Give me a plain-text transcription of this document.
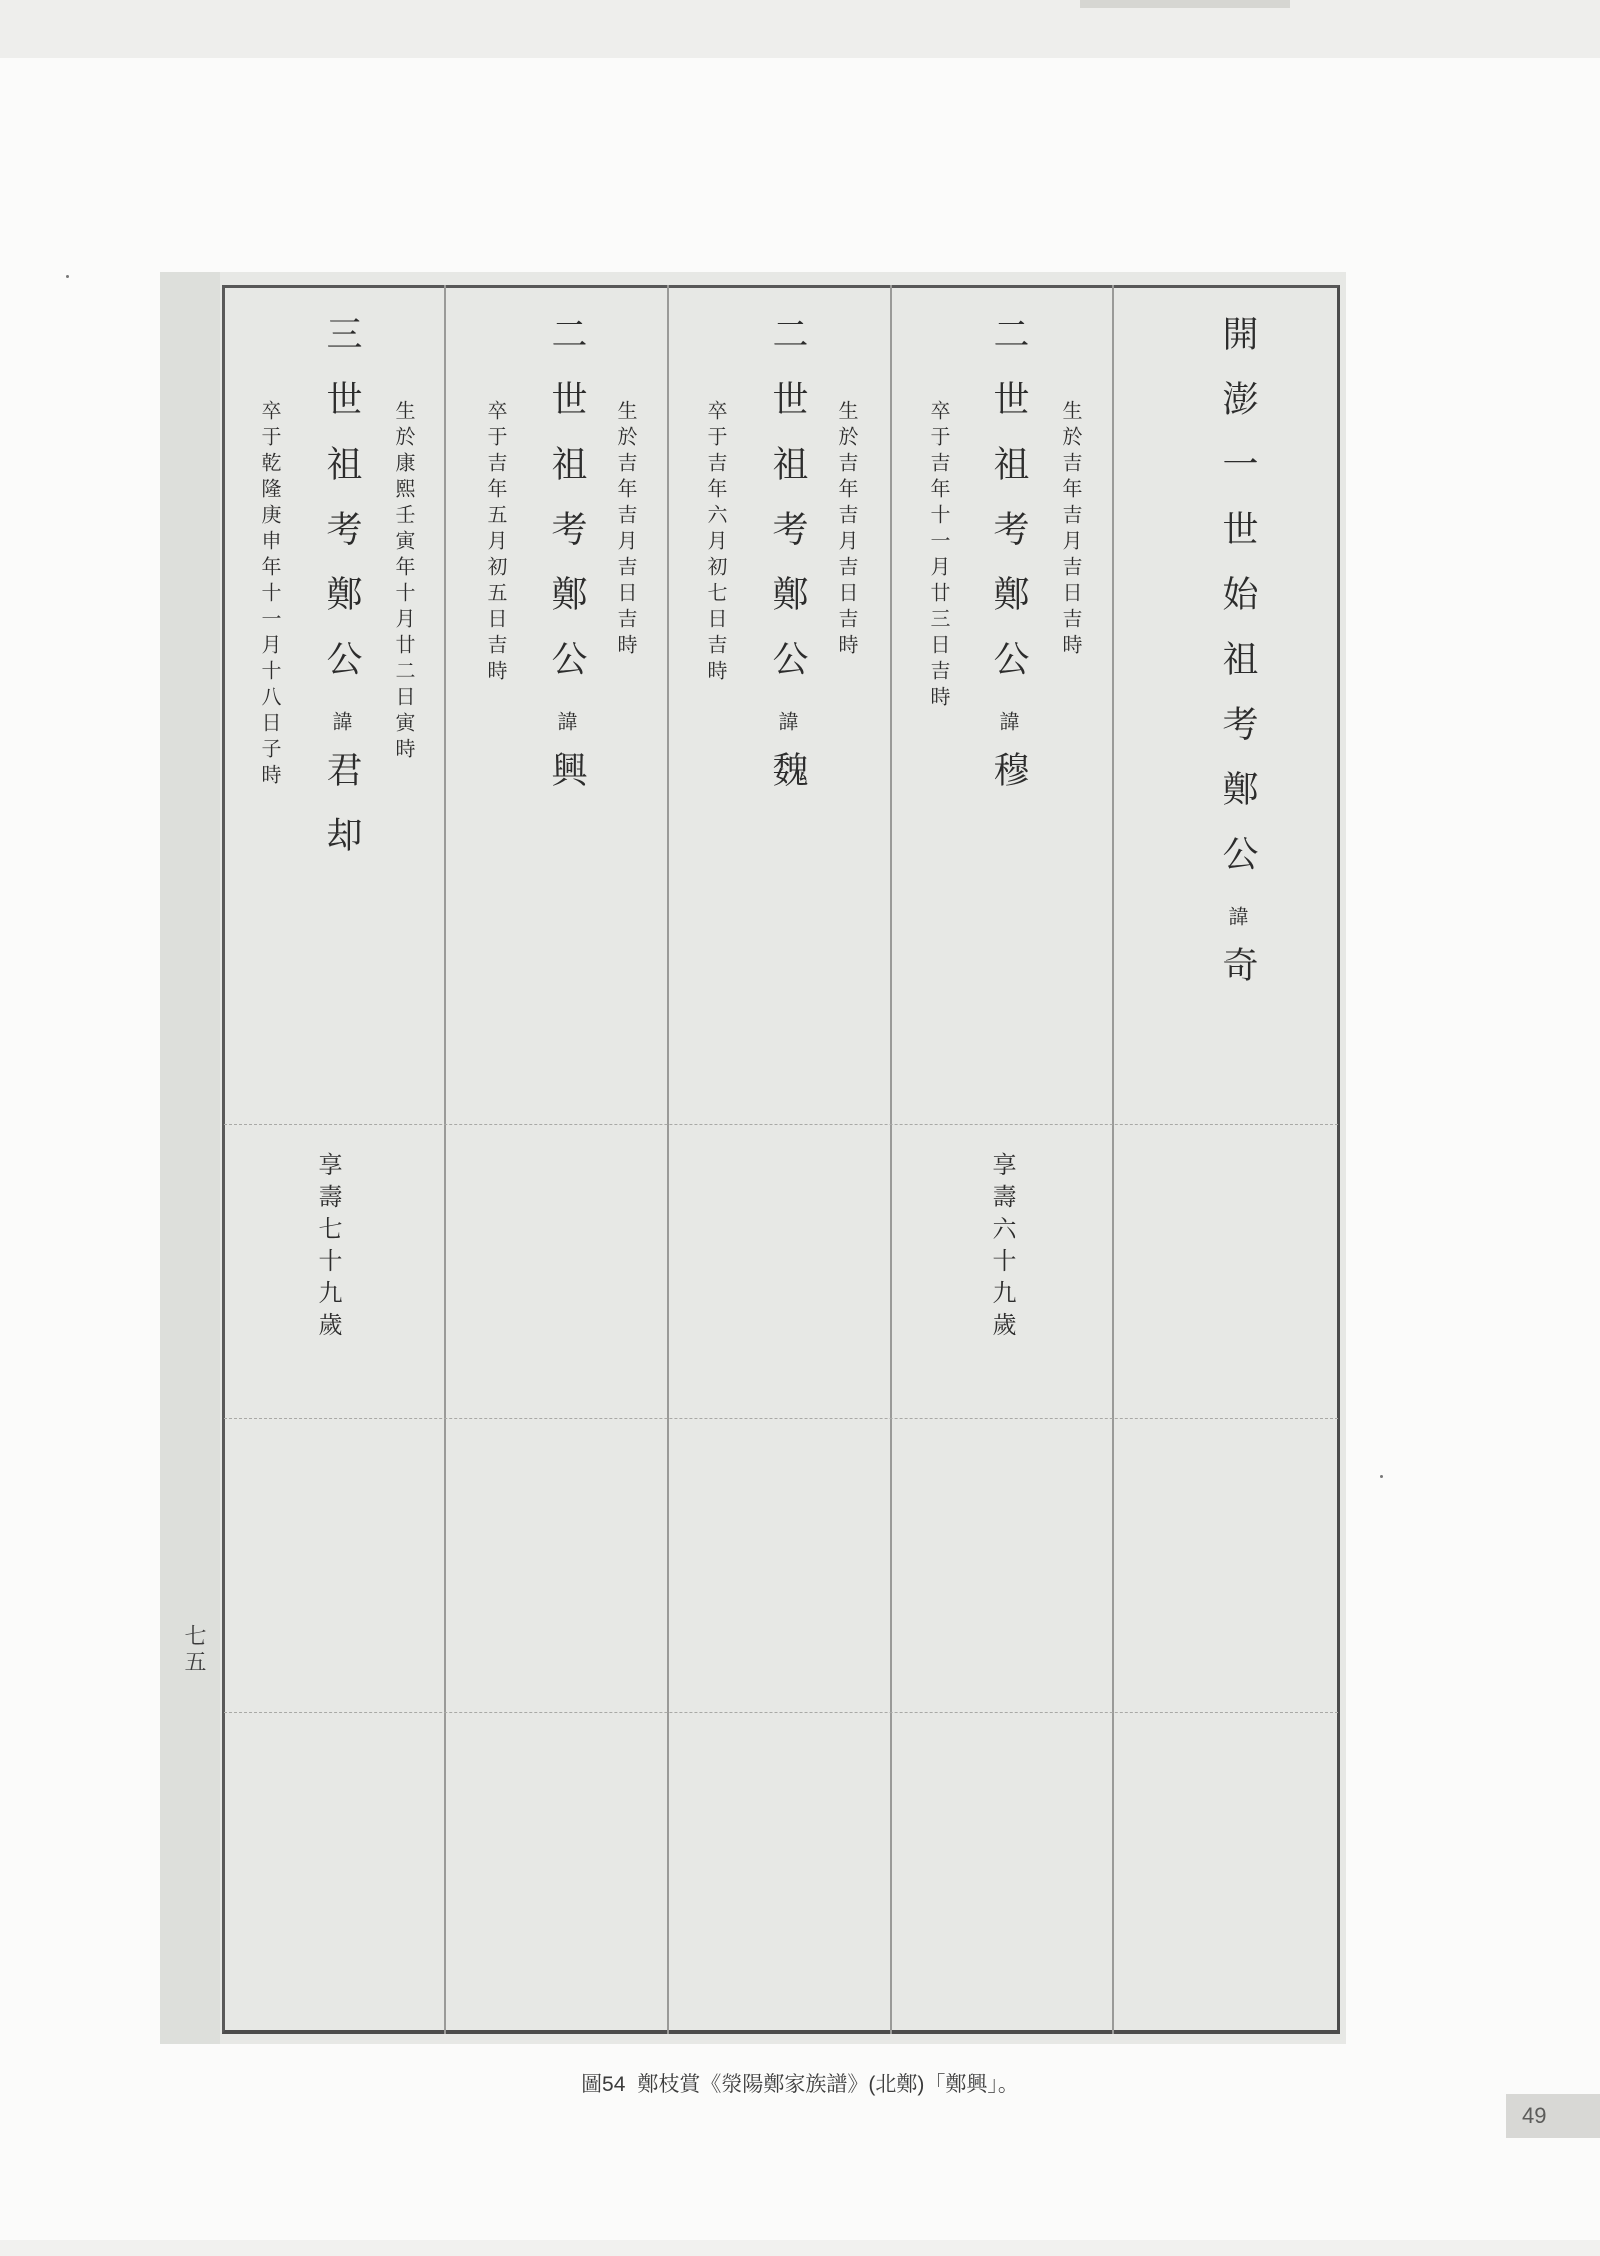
開澎一世始祖考鄭公諱奇

生於吉年吉月吉日吉時

二世祖考鄭公諱穆

卒于吉年十一月廿三日吉時

享壽六十九歲

生於吉年吉月吉日吉時

二世祖考鄭公諱魏

卒于吉年六月初七日吉時

生於吉年吉月吉日吉時

二世祖考鄭公諱興

卒于吉年五月初五日吉時

生於康熙壬寅年十月廿二日寅時

三世祖考鄭公諱君却

卒于乾隆庚申年十一月十八日子時

享壽七十九歲

七五

圖54 鄭枝賞《滎陽鄭家族譜》(北鄭)「鄭興」。
49
